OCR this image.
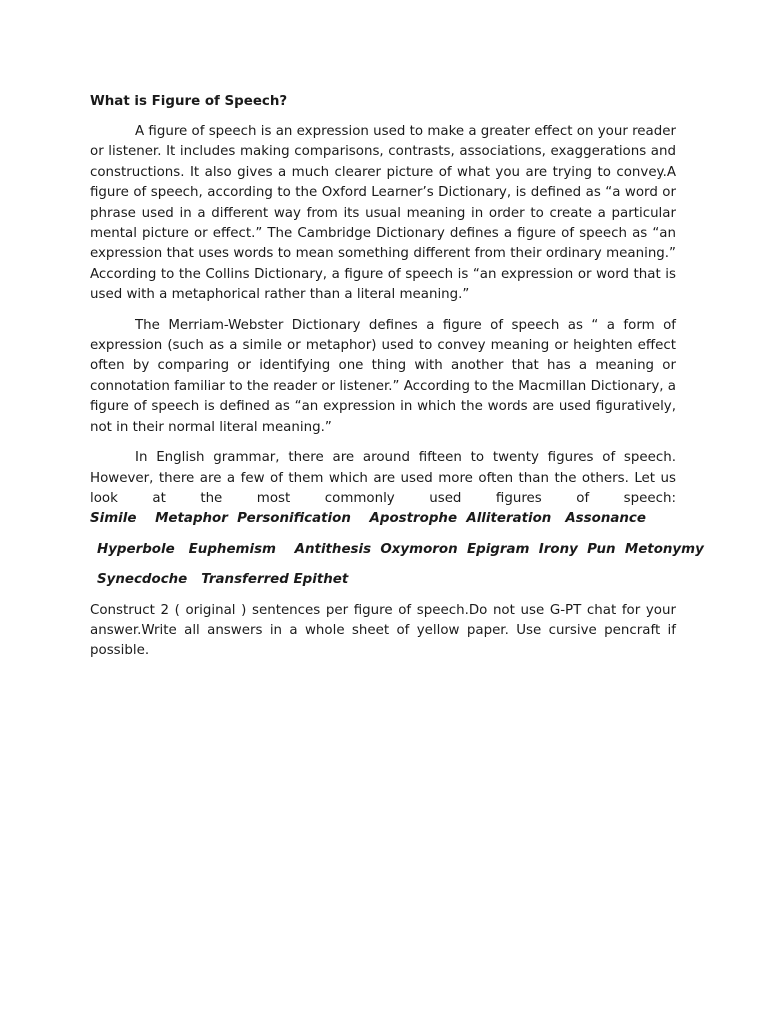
What is Figure of Speech?

A figure of speech is an expression used to make a greater effect on your reader or listener. It includes making comparisons, contrasts, associations, exaggerations and constructions. It also gives a much clearer picture of what you are trying to convey.A figure of speech, according to the Oxford Learner’s Dictionary, is defined as “a word or phrase used in a different way from its usual meaning in order to create a particular mental picture or effect.” The Cambridge Dictionary defines a figure of speech as “an expression that uses words to mean something different from their ordinary meaning.” According to the Collins Dictionary, a figure of speech is “an expression or word that is used with a metaphorical rather than a literal meaning.”

The Merriam-Webster Dictionary defines a figure of speech as “ a form of expression (such as a simile or metaphor) used to convey meaning or heighten effect often by comparing or identifying one thing with another that has a meaning or connotation familiar to the reader or listener.” According to the Macmillan Dictionary, a figure of speech is defined as “an expression in which the words are used figuratively, not in their normal literal meaning.”

In English grammar, there are around fifteen to twenty figures of speech. However, there are a few of them which are used more often than the others. Let us look at the most commonly used figures of speech: Simile    Metaphor  Personification    Apostrophe  Alliteration   Assonance

Hyperbole   Euphemism    Antithesis  Oxymoron  Epigram  Irony  Pun  Metonymy
Synecdoche   Transferred Epithet

Construct 2 ( original ) sentences per figure of speech.Do not use G-PT chat for your answer.Write all answers in a whole sheet of yellow paper. Use cursive pencraft if possible.
